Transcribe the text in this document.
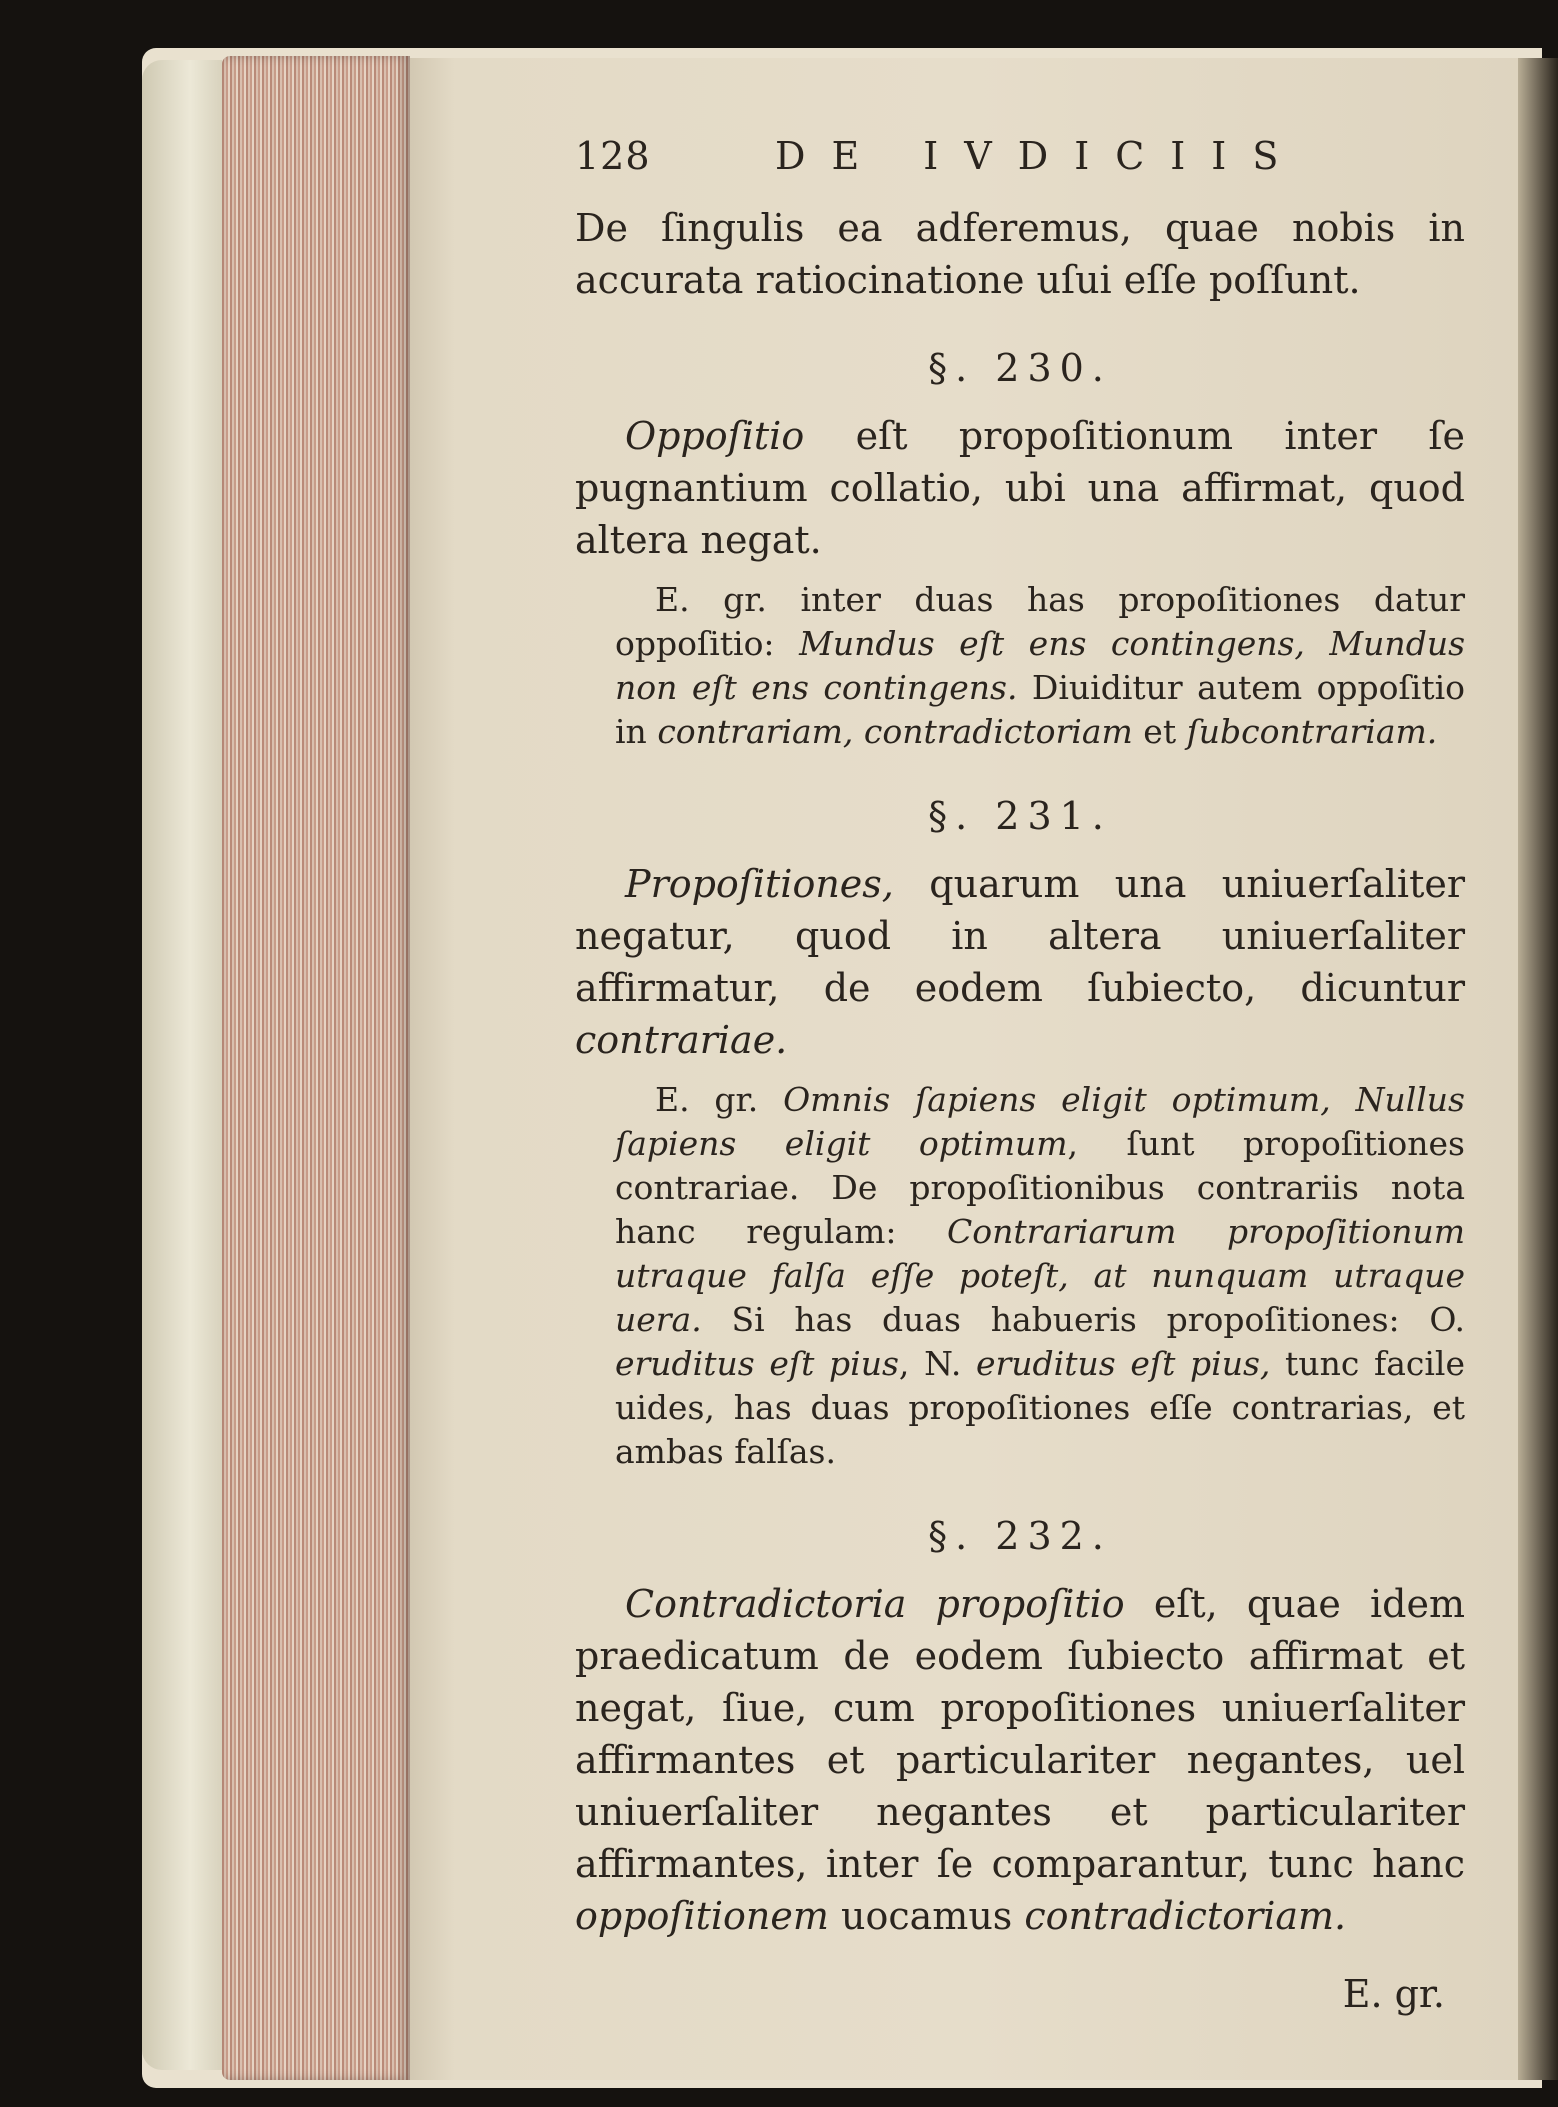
128	DE IVDICIIS

De ſingulis ea adferemus, quae nobis in accurata ratiocinatione uſui eſſe poſſunt.

§. 230.

Oppoſitio eſt propoſitionum inter ſe pugnantium collatio, ubi una affirmat, quod altera negat.

E. gr. inter duas has propoſitiones datur oppoſitio: Mundus eſt ens contingens, Mundus non eſt ens contingens. Diuiditur autem oppoſitio in contrariam, contradictoriam et ſubcontrariam.

§. 231.

Propoſitiones, quarum una uniuerſaliter negatur, quod in altera uniuerſaliter affirmatur, de eodem ſubiecto, dicuntur contrariae.

E. gr. Omnis ſapiens eligit optimum, Nullus ſapiens eligit optimum, ſunt propoſitiones contrariae. De propoſitionibus contrariis nota hanc regulam: Contrariarum propoſitionum utraque falſa eſſe poteſt, at nunquam utraque uera. Si has duas habueris propoſitiones: O. eruditus eſt pius, N. eruditus eſt pius, tunc facile uides, has duas propoſitiones eſſe contrarias, et ambas falſas.

§. 232.

Contradictoria propoſitio eſt, quae idem praedicatum de eodem ſubiecto affirmat et negat, ſiue, cum propoſitiones uniuerſaliter affirmantes et particulariter negantes, uel uniuerſaliter negantes et particulariter affirmantes, inter ſe comparantur, tunc hanc oppoſitionem uocamus contradictoriam.

E. gr.
